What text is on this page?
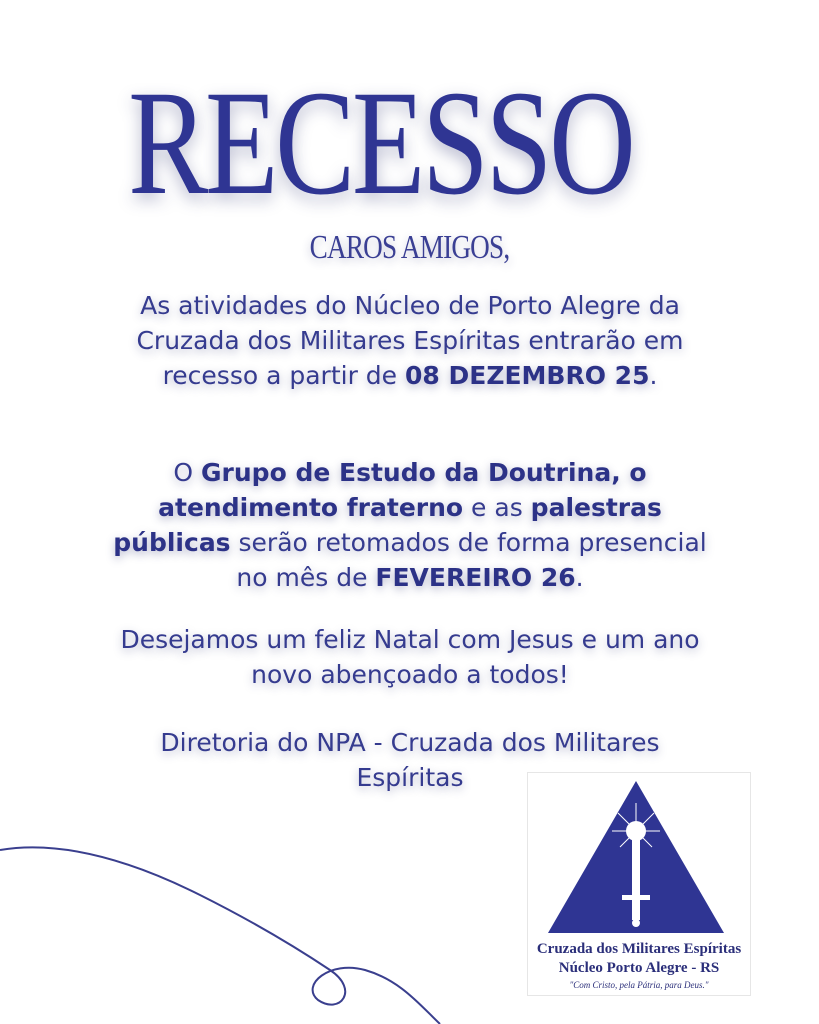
RECESSO
CAROS AMIGOS,
As atividades do Núcleo de Porto Alegre da Cruzada dos Militares Espíritas entrarão em recesso a partir de 08 DEZEMBRO 25.
O Grupo de Estudo da Doutrina, o atendimento fraterno e as palestras públicas serão retomados de forma presencial no mês de FEVEREIRO 26.
Desejamos um feliz Natal com Jesus e um ano novo abençoado a todos!
Diretoria do NPA - Cruzada dos Militares Espíritas
Cruzada dos Militares Espíritas
Núcleo Porto Alegre - RS
"Com Cristo, pela Pátria, para Deus."
